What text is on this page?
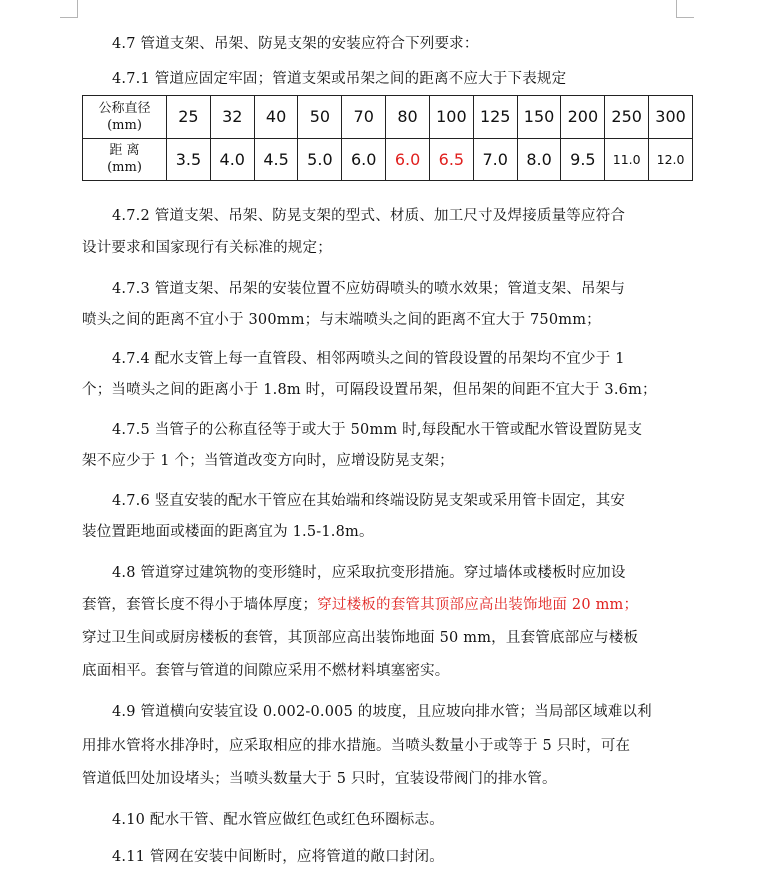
4.7 管道支架、吊架、防晃支架的安装应符合下列要求：
4.7.1 管道应固定牢固；管道支架或吊架之间的距离不应大于下表规定
公称直径
(mm)	25	32	40	50	70	80	100	125	150	200	250	300

距 离
(mm)	3.5	4.0	4.5	5.0	6.0	6.0	6.5	7.0	8.0	9.5	11.0	12.0
4.7.2 管道支架、吊架、防晃支架的型式、材质、加工尺寸及焊接质量等应符合
设计要求和国家现行有关标准的规定；
4.7.3 管道支架、吊架的安装位置不应妨碍喷头的喷水效果；管道支架、吊架与
喷头之间的距离不宜小于 300mm；与末端喷头之间的距离不宜大于 750mm；
4.7.4 配水支管上每一直管段、相邻两喷头之间的管段设置的吊架均不宜少于 1
个；当喷头之间的距离小于 1.8m 时，可隔段设置吊架，但吊架的间距不宜大于 3.6m；
4.7.5 当管子的公称直径等于或大于 50mm 时,每段配水干管或配水管设置防晃支
架不应少于 1 个；当管道改变方向时，应增设防晃支架；
4.7.6 竖直安装的配水干管应在其始端和终端设防晃支架或采用管卡固定，其安
装位置距地面或楼面的距离宜为 1.5-1.8m。
4.8 管道穿过建筑物的变形缝时，应采取抗变形措施。穿过墙体或楼板时应加设
套管，套管长度不得小于墙体厚度；穿过楼板的套管其顶部应高出装饰地面 20 mm；
穿过卫生间或厨房楼板的套管，其顶部应高出装饰地面 50 mm，且套管底部应与楼板
底面相平。套管与管道的间隙应采用不燃材料填塞密实。
4.9 管道横向安装宜设 0.002-0.005 的坡度，且应坡向排水管；当局部区域难以利
用排水管将水排净时，应采取相应的排水措施。当喷头数量小于或等于 5 只时，可在
管道低凹处加设堵头；当喷头数量大于 5 只时，宜装设带阀门的排水管。
4.10 配水干管、配水管应做红色或红色环圈标志。
4.11 管网在安装中间断时，应将管道的敞口封闭。
